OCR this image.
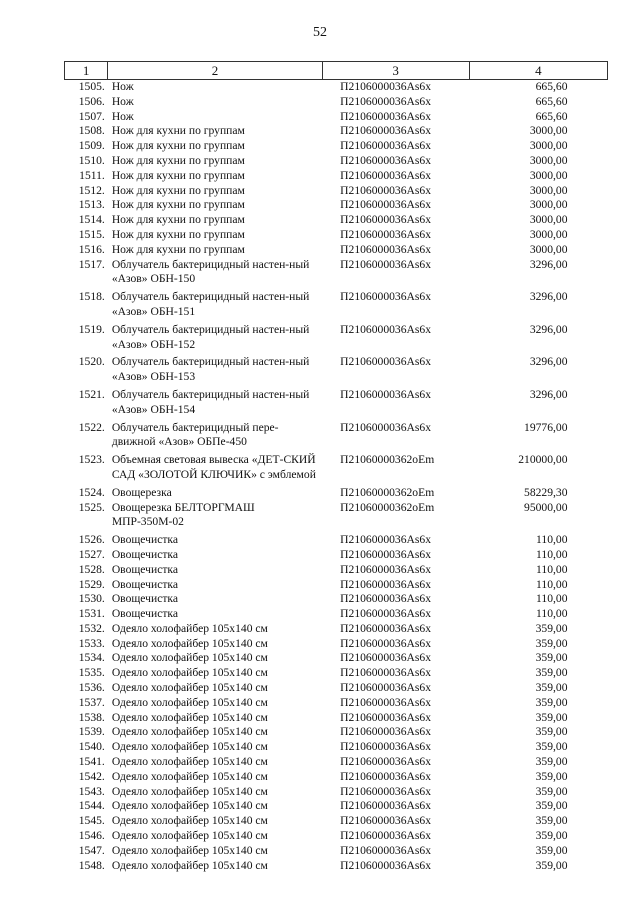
52
1	2	3	4
1505.	Нож	П2106000036Аѕ6х	665,60
1506.	Нож	П2106000036Аѕ6х	665,60
1507.	Нож	П2106000036Аѕ6х	665,60
1508.	Нож для кухни по группам	П2106000036Аѕ6х	3000,00
1509.	Нож для кухни по группам	П2106000036Аѕ6х	3000,00
1510.	Нож для кухни по группам	П2106000036Аѕ6х	3000,00
1511.	Нож для кухни по группам	П2106000036Аѕ6х	3000,00
1512.	Нож для кухни по группам	П2106000036Аѕ6х	3000,00
1513.	Нож для кухни по группам	П2106000036Аѕ6х	3000,00
1514.	Нож для кухни по группам	П2106000036Аѕ6х	3000,00
1515.	Нож для кухни по группам	П2106000036Аѕ6х	3000,00
1516.	Нож для кухни по группам	П2106000036Аѕ6х	3000,00
1517.	Облучатель бактерицидный настен-ный «Азов» ОБН-150	П2106000036Аѕ6х	3296,00
1518.	Облучатель бактерицидный настен-ный «Азов» ОБН-151	П2106000036Аѕ6х	3296,00
1519.	Облучатель бактерицидный настен-ный «Азов» ОБН-152	П2106000036Аѕ6х	3296,00
1520.	Облучатель бактерицидный настен-ный «Азов» ОБН-153	П2106000036Аѕ6х	3296,00
1521.	Облучатель бактерицидный настен-ный «Азов» ОБН-154	П2106000036Аѕ6х	3296,00
1522.	Облучатель бактерицидный пере-движной «Азов» ОБПе-450	П2106000036Аѕ6х	19776,00
1523.	Объемная световая вывеска «ДЕТ-СКИЙ САД «ЗОЛОТОЙ КЛЮЧИК» с эмблемой	П21060000362оЕm	210000,00
1524.	Овощерезка	П21060000362оЕm	58229,30
1525.	Овощерезка БЕЛТОРГМАШ МПР-350М-02	П21060000362оЕm	95000,00
1526.	Овощечистка	П2106000036Аѕ6х	110,00
1527.	Овощечистка	П2106000036Аѕ6х	110,00
1528.	Овощечистка	П2106000036Аѕ6х	110,00
1529.	Овощечистка	П2106000036Аѕ6х	110,00
1530.	Овощечистка	П2106000036Аѕ6х	110,00
1531.	Овощечистка	П2106000036Аѕ6х	110,00
1532.	Одеяло холофайбер 105х140 см	П2106000036Аѕ6х	359,00
1533.	Одеяло холофайбер 105х140 см	П2106000036Аѕ6х	359,00
1534.	Одеяло холофайбер 105х140 см	П2106000036Аѕ6х	359,00
1535.	Одеяло холофайбер 105х140 см	П2106000036Аѕ6х	359,00
1536.	Одеяло холофайбер 105х140 см	П2106000036Аѕ6х	359,00
1537.	Одеяло холофайбер 105х140 см	П2106000036Аѕ6х	359,00
1538.	Одеяло холофайбер 105х140 см	П2106000036Аѕ6х	359,00
1539.	Одеяло холофайбер 105х140 см	П2106000036Аѕ6х	359,00
1540.	Одеяло холофайбер 105х140 см	П2106000036Аѕ6х	359,00
1541.	Одеяло холофайбер 105х140 см	П2106000036Аѕ6х	359,00
1542.	Одеяло холофайбер 105х140 см	П2106000036Аѕ6х	359,00
1543.	Одеяло холофайбер 105х140 см	П2106000036Аѕ6х	359,00
1544.	Одеяло холофайбер 105х140 см	П2106000036Аѕ6х	359,00
1545.	Одеяло холофайбер 105х140 см	П2106000036Аѕ6х	359,00
1546.	Одеяло холофайбер 105х140 см	П2106000036Аѕ6х	359,00
1547.	Одеяло холофайбер 105х140 см	П2106000036Аѕ6х	359,00
1548.	Одеяло холофайбер 105х140 см	П2106000036Аѕ6х	359,00
